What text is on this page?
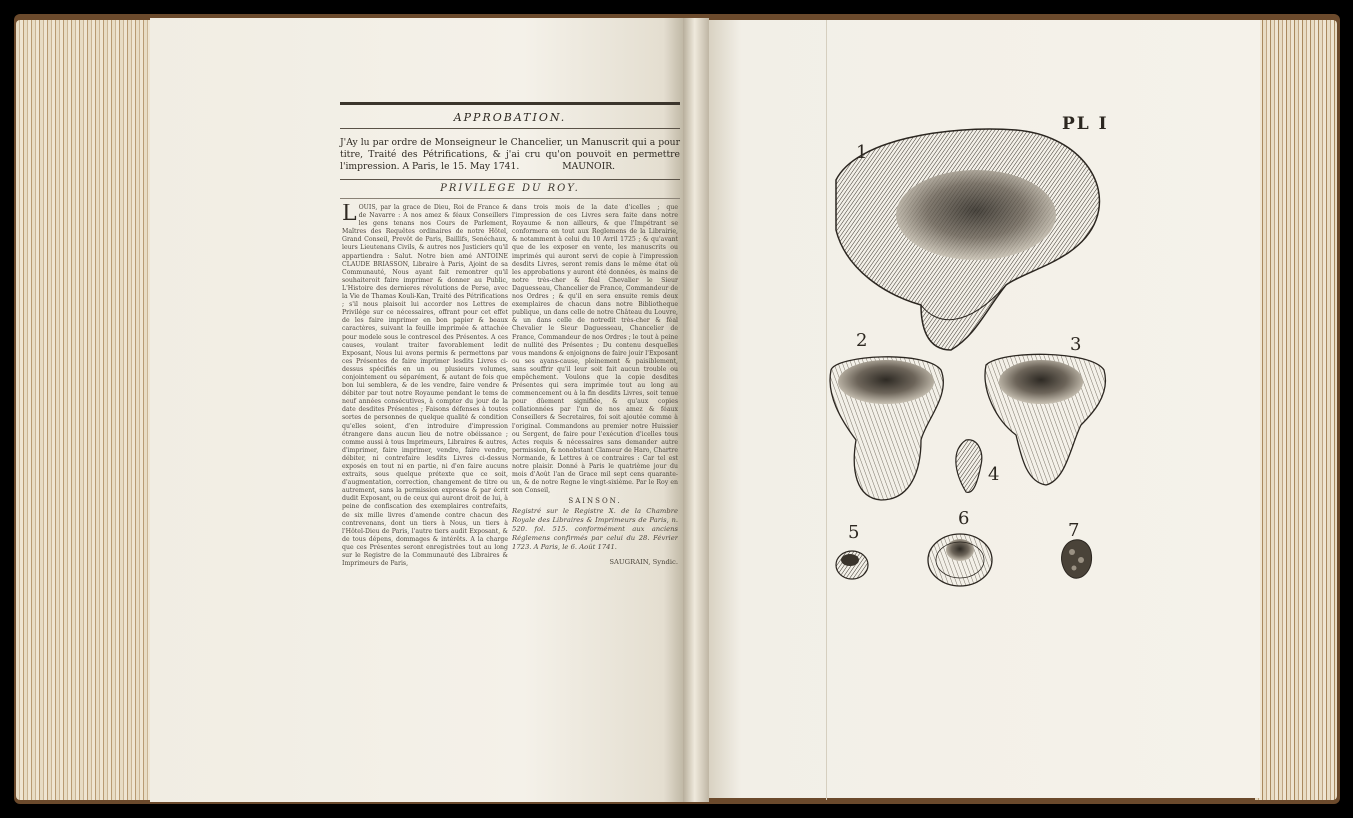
APPROBATION.
J'Ay lu par ordre de Monseigneur le Chancelier, un Manuscrit qui a pour titre, Traité des Pétrifications, & j'ai cru qu'on pouvoit en permettre l'impression. A Paris, le 15. May 1741.	MAUNOIR.
PRIVILEGE DU ROY.
L OUIS, par la grace de Dieu, Roi de France & de Navarre : A nos amez & féaux Conseillers les gens tenans nos Cours de Parlement, Maîtres des Requêtes ordinaires de notre Hôtel, Grand Conseil, Prevôt de Paris, Baillifs, Senéchaux, leurs Lieutenans Civils, & autres nos Justiciers qu'il appartiendra : Salut. Notre bien amé ANTOINE CLAUDE BRIASSON, Libraire à Paris, Ajoint de sa Communauté, Nous ayant fait remontrer qu'il souhaiteroit faire imprimer & donner au Public, L'Histoire des dernieres révolutions de Perse, avec la Vie de Thamas Kouli-Kan, Traité des Pétrifications ; s'il nous plaisoit lui accorder nos Lettres de Privilége sur ce nécessaires, offrant pour cet effet de les faire imprimer en bon papier & beaux caractères, suivant la feuille imprimée & attachée pour modele sous le contrescel des Présentes. A ces causes, voulant traiter favorablement ledit Exposant, Nous lui avons permis & permettons par ces Présentes de faire imprimer lesdits Livres ci-dessus spécifiés en un ou plusieurs volumes, conjointement ou séparément, & autant de fois que bon lui semblera, & de les vendre, faire vendre & débiter par tout notre Royaume pendant le tems de neuf années consécutives, à compter du jour de la date desdites Présentes ; Faisons défenses à toutes sortes de personnes de quelque qualité & condition qu'elles soient, d'en introduire d'impression étrangere dans aucun lieu de notre obéissance ; comme aussi à tous Imprimeurs, Libraires & autres, d'imprimer, faire imprimer, vendre, faire vendre, débiter, ni contrefaire lesdits Livres ci-dessus exposés en tout ni en partie, ni d'en faire aucuns extraits, sous quelque prétexte que ce soit, d'augmentation, correction, changement de titre ou autrement, sans la permission expresse & par écrit dudit Exposant, ou de ceux qui auront droit de lui, à peine de confiscation des exemplaires contrefaits, de six mille livres d'amende contre chacun des contrevenans, dont un tiers à Nous, un tiers à l'Hôtel-Dieu de Paris, l'autre tiers audit Exposant, & de tous dépens, dommages & intérêts. A la charge que ces Présentes seront enregistrées tout au long sur le Registre de la Communauté des Libraires & Imprimeurs de Paris,

dans trois mois de la date d'icelles ; que l'impression de ces Livres sera faite dans notre Royaume & non ailleurs, & que l'Impétrant se conformera en tout aux Reglemens de la Librairie, & notamment à celui du 10 Avril 1725 ; & qu'avant que de les exposer en vente, les manuscrits ou imprimés qui auront servi de copie à l'impression desdits Livres, seront remis dans le même état où les approbations y auront été données, ès mains de notre très-cher & féal Chevalier le Sieur Daguesseau, Chancelier de France, Commandeur de nos Ordres ; & qu'il en sera ensuite remis deux exemplaires de chacun dans notre Bibliotheque publique, un dans celle de notre Château du Louvre, & un dans celle de notredit très-cher & féal Chevalier le Sieur Daguesseau, Chancelier de France, Commandeur de nos Ordres ; le tout à peine de nullité des Présentes ; Du contenu desquelles vous mandons & enjoignons de faire jouir l'Exposant ou ses ayans-cause, pleinement & paisiblement, sans souffrir qu'il leur soit fait aucun trouble ou empêchement. Voulons que la copie desdites Présentes qui sera imprimée tout au long au commencement ou à la fin desdits Livres, soit tenue pour dûement signifiée, & qu'aux copies collationnées par l'un de nos amez & féaux Conseillers & Secretaires, foi soit ajoutée comme à l'original. Commandons au premier notre Huissier ou Sergent, de faire pour l'exécution d'icelles tous Actes requis & nécessaires sans demander autre permission, & nonobstant Clameur de Haro, Chartre Normande, & Lettres à ce contraires : Car tel est notre plaisir. Donné à Paris le quatrième jour du mois d'Août l'an de Grace mil sept cens quarante-un, & de notre Regne le vingt-sixième. Par le Roy en son Conseil,

SAINSON.

Registré sur le Registre X. de la Chambre Royale des Libraires & Imprimeurs de Paris, n. 520. fol. 515. conformément aux anciens Réglemens confirmés par celui du 28. Février 1723. A Paris, le 6. Août 1741.

SAUGRAIN, Syndic.
PL I
1
2	3
4
5
6
7
